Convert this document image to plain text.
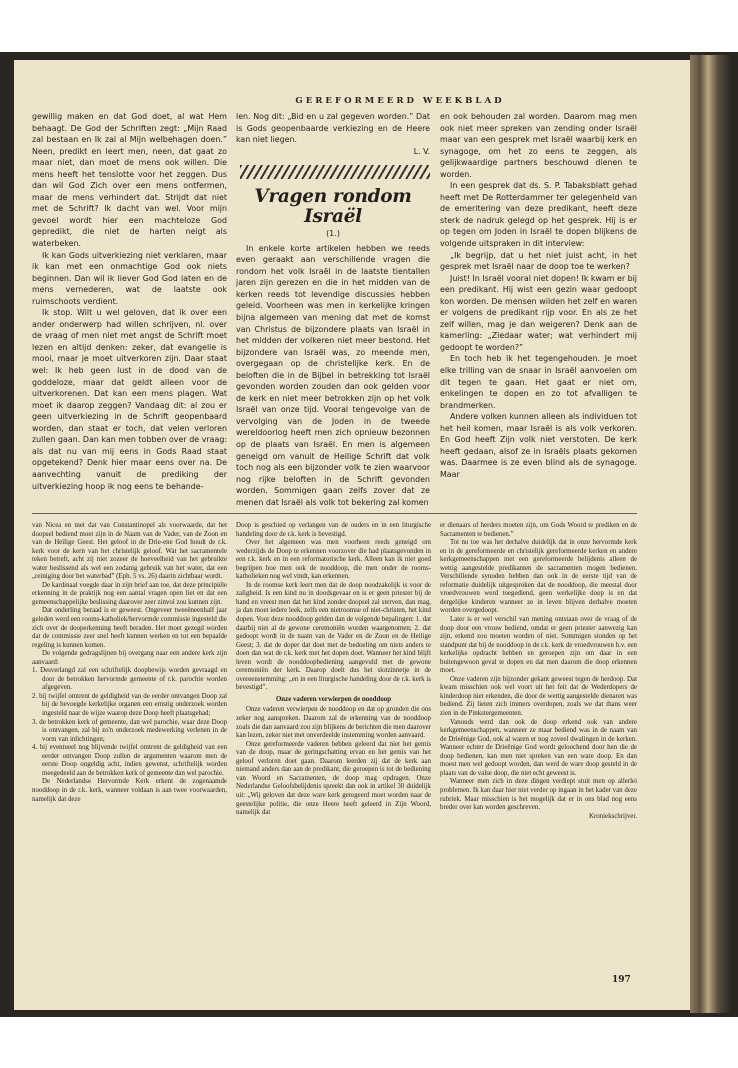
GEREFORMEERD WEEKBLAD

gewillig maken en dat God doet, al wat Hem behaagt. De God der Schriften zegt: „Mijn Raad zal bestaan en Ik zal al Mijn welbehagen doen.” Neen, predikt en leert men, neen, dat gaat zo maar niet, dan moet de mens ook willen. Die mens heeft het tenslotte voor het zeggen. Dus dan wil God Zich over een mens ontfermen, maar de mens verhindert dat. Strijdt dat niet met de Schrift? Ik dacht van wel. Voor mijn gevoel wordt hier een machteloze God gepredikt, die niet de harten neigt als waterbeken.

Ik kan Gods uitverkiezing niet verklaren, maar ik kan met een onmachtige God ook niets beginnen. Dan wil ik liever God God laten en de mens vernederen, wat de laatste ook ruimschoots verdient.

Ik stop. Wilt u wel geloven, dat ik over een ander onderwerp had willen schrijven, nl. over de vraag of men niet met angst de Schrift moet lezen en altijd denken: zeker, dat evangelie is mooi, maar je moet uitverkoren zijn. Daar staat wel: Ik heb geen lust in de dood van de goddeloze, maar dat geldt alleen voor de uitverkorenen. Dat kan een mens plagen. Wat moet ik daarop zeggen? Vandaag dit: al zou er geen uitverkiezing in de Schrift geopenbaard worden, dan staat er toch, dat velen verloren zullen gaan. Dan kan men tobben over de vraag: als dat nu van mij eens in Gods Raad staat opgetekend? Denk hier maar eens over na. De aanvechting vanuit de prediking der uitverkiezing hoop ik nog eens te behande-

len. Nog dit: „Bid en u zal gegeven worden.” Dat is Gods geopenbaarde verkiezing en de Heere kan niet liegen.

L. V.

Vragen rondom Israël
(1.)

In enkele korte artikelen hebben we reeds even geraakt aan verschillende vragen die rondom het volk Israël in de laatste tientallen jaren zijn gerezen en die in het midden van de kerken reeds tot levendige discussies hebben geleid. Voorheen was men in kerkelijke kringen bijna algemeen van mening dat met de komst van Christus de bijzondere plaats van Israël in het midden der volkeren niet meer bestond. Het bijzondere van Israël was, zo meende men, overgegaan op de christelijke kerk. En de beloften die in de Bijbel in betrekking tot Israël gevonden worden zouden dan ook gelden voor de kerk en niet meer betrokken zijn op het volk Israël van onze tijd. Vooral tengevolge van de vervolging van de Joden in de tweede wereldoorlog heeft men zich opnieuw bezonnen op de plaats van Israël. En men is algemeen geneigd om vanuit de Heilige Schrift dat volk toch nog als een bijzonder volk te zien waarvoor nog rijke beloften in de Schrift gevonden worden. Sommigen gaan zelfs zover dat ze menen dat Israël als volk tot bekering zal komen

en ook behouden zal worden. Daarom mag men ook niet meer spreken van zending onder Israël maar van een gesprek met Israël waarbij kerk en synagoge, om het zo eens te zeggen, als gelijkwaardige partners beschouwd dienen te worden.

In een gesprek dat ds. S. P. Tabaksblatt gehad heeft met De Rotterdammer ter gelegenheid van de emeritering van deze predikant, heeft deze sterk de nadruk gelegd op het gesprek. Hij is er op tegen om Joden in Israël te dopen blijkens de volgende uitspraken in dit interview:

„Ik begrijp, dat u het niet juist acht, in het gesprek met Israël naar de doop toe te werken?

Juist! In Israël vooral niet dopen! Ik kwam er bij een predikant. Hij wist een gezin waar gedoopt kon worden. De mensen wilden het zelf en waren er volgens de predikant rijp voor. En als ze het zelf willen, mag je dan weigeren? Denk aan de kamerling: „Ziedaar water; wat verhindert mij gedoopt te worden?”

En toch heb ik het tegengehouden. Je moet elke trilling van de snaar in Israël aanvoelen om dit tegen te gaan. Het gaat er niet om, enkelingen te dopen en zo tot afvalligen te brandmerken.

Andere volken kunnen alleen als individuen tot het heil komen, maar Israël is als volk verkoren. En God heeft Zijn volk niet verstoten. De kerk heeft gedaan, alsof ze in Israëls plaats gekomen was. Daarmee is ze even blind als de synagoge. Maar

van Nicea en met dat van Constantinopel als voorwaarde, dat het doopsel bediend moet zijn in de Naam van de Vader, van de Zoon en van de Heilige Geest. Het geloof in de Drie-ene God houdt de r.k. kerk voor de kern van het christelijk geloof. Wat het sacramentele teken betreft, acht zij niet zozeer de hoeveelheid van het gebruikte water beslissend als wel een zodanig gebruik van het water, dat een „reiniging door het waterbad” (Eph. 5 vs. 26) daarin zichtbaar wordt.

De kardinaal voegde daar in zijn brief aan toe, dat deze principiële erkenning in de praktijk nog een aantal vragen open liet en dat een gemeenschappelijke beslissing daarover zeer zinvol zou kunnen zijn.

Dat onderling beraad is er geweest. Ongeveer tweeëneenhalf jaar geleden werd een rooms-katholiek/hervormde commissie ingesteld die zich over de dooperkenning heeft beraden. Het moet gezegd worden dat de commissie zeer snel heeft kunnen werken en tot een bepaalde regeling is kunnen komen.

De volgende gedragslijnen bij overgang naar een andere kerk zijn aanvaard:

1. Desverlangd zal een schriftelijk doopbewijs worden gevraagd en door de betrokken hervormde gemeente of r.k. parochie worden afgegeven.

2. bij twijfel omtrent de geldigheid van de eerder ontvangen Doop zal bij de bevoegde kerkelijke organen een ernstig onderzoek worden ingesteld naar de wijze waarop deze Doop heeft plaatsgehad;

3. de betrokken kerk of gemeente, dan wel parochie, waar deze Doop is ontvangen, zal bij zo'n onderzoek medewerking verlenen in de vorm van inlichtingen;

4. bij eventueel nog blijvende twijfel omtrent de geldigheid van een eerder ontvangen Doop zullen de argumenten waarom men de eerste Doop ongeldig acht, indien gewenst, schriftelijk worden meegedeeld aan de betrokken kerk of gemeente dan wel parochie.

De Nederlandse Hervormde Kerk erkent de zogenaamde nooddoop in de r.k. kerk, wanneer voldaan is aan twee voorwaarden, namelijk dat deze

Doop is geschied op verlangen van de ouders en in een liturgische handeling door de r.k. kerk is bevestigd.

Over het algemeen was men voorheen reeds geneigd om wederzijds de Doop te erkennen voorzover die had plaatsgevonden in een r.k. kerk en in een reformatorische kerk. Alleen kan ik niet goed begrijpen hoe men ook de nooddoop, die men onder de rooms-katholieken nog wel vindt, kan erkennen.

In de roomse kerk leert men dat de doop noodzakelijk is voor de zaligheid. Is een kind nu in doodsgevaar en is er geen priester bij de hand en vreest men dat het kind zonder doopsel zal sterven, dan mag, ja dan moet iedere leek, zelfs een nietroomse of niet-christen, het kind dopen. Voor deze nooddoop gelden dan de volgende bepalingen: 1. dat daarbij niet al de gewone ceremoniën worden waargenomen; 2. dat gedoopt wordt in de naam van de Vader en de Zoon en de Heilige Geest; 3. dat de doper dat doet met de bedoeling om niets anders te doen dan wat de r.k. kerk met het dopen doet. Wanneer het kind blijft leven wordt de nooddoopbediening aangevuld met de gewone ceremoniën der kerk. Daarop doelt dus het slotzinnetje in de overeenstemming: „en in een liturgische handeling door de r.k. kerk is bevestigd”.

Onze vaderen verwierpen de nooddoop

Onze vaderen verwierpen de nooddoop en dat op gronden die ons zeker nog aanspreken. Daarom zal de erkenning van de nooddoop zoals die dan aanvaard zou zijn blijkens de berichten die men daarover kan lezen, zeker niet met onverdeelde instemming worden aanvaard.

Onze gereformeerde vaderen hebben geleerd dat niet het gemis van de doop, maar de geringschatting ervan en het gemis van het geloof verloren doet gaan. Daarom leerden zij dat de kerk aan niemand anders dan aan de predikant, die geroepen is tot de bediening van Woord en Sacramenten, de doop mag opdragen. Onze Nederlandse Geloofsbelijdenis spreekt dan ook in artikel 30 duidelijk uit: „Wij geloven dat deze ware kerk geregeerd moet worden naar de geestelijke politie, die onze Heere heeft geleerd in Zijn Woord, namelijk dat

er dienaars of herders moeten zijn, om Gods Woord te prediken en de Sacramenten te bedienen.”

Tot nu toe was het derhalve duidelijk dat in onze hervormde kerk en in de gereformeerde en christelijk gereformeerde kerken en andere kerkgemeenschappen met een gereformeerde belijdenis alleen de wettig aangestelde predikanten de sacramenten mogen bedienen. Verschillende synoden hebben dan ook in de eerste tijd van de reformatie duidelijk uitgesproken dat de nooddoop, die meestal door vroedvrouwen werd toegediend, geen werkelijke doop is en dat dergelijke kinderen wanneer ze in leven blijven derhalve moeten worden overgedoopt.

Later is er wel verschil van mening ontstaan over de vraag of de doop door een vrouw bediend, omdat er geen priester aanwezig kan zijn, erkend zou moeten worden of niet. Sommigen stonden op het standpunt dat bij de nooddoop in de r.k. kerk de vroedvrouwen b.v. een kerkelijke opdracht hebben en geroepen zijn om daar in een buitengewoon geval te dopen en dat men daarom die doop erkennen moet.

Onze vaderen zijn bijzonder gekant geweest tegen de herdoop. Dat kwam misschien ook wel voort uit het feit dat de Wederdopers de kinderdoop niet erkenden, die door de wettig aangestelde dienaren was bediend. Zij lieten zich immers overdopen, zoals we dat thans weer zien in de Pinkstergemeenten.

Vanouds werd dan ook de doop erkend ook van andere kerkgemeenschappen, wanneer ze maar bediend was in de naam van de Drieënige God, ook al waren er nog zoveel dwalingen in de kerken. Wanneer echter de Drieënige God wordt geloochend door hen die de doop bedienen, kan men niet spreken van een ware doop. En dan moest men wel gedoopt worden, dan werd de ware doop gesteld in de plaats van de valse doop, die niet echt geweest is.

Wanneer men zich in deze dingen verdiept stuit men op allerlei problemen. Ik kan daar hier niet verder op ingaan in het kader van deze rubriek. Maar misschien is het mogelijk dat er in ons blad nog eens breder over kan worden geschreven.

Kroniekschrijver.

197
